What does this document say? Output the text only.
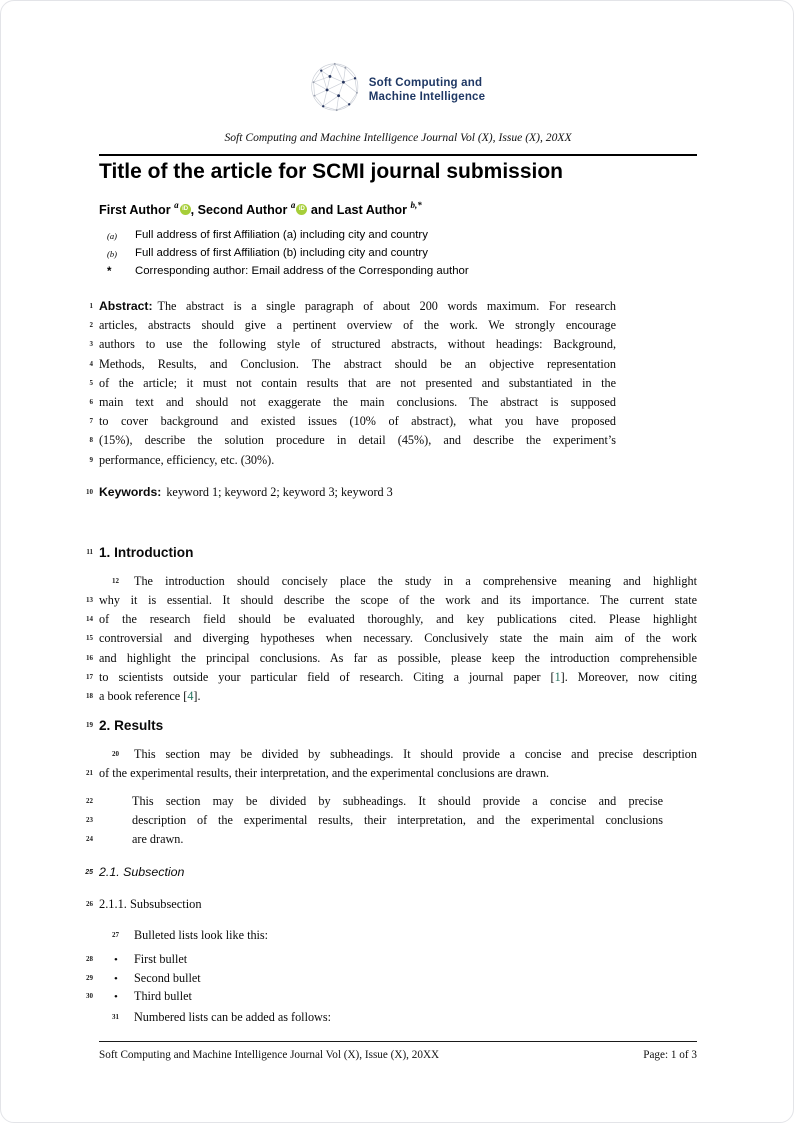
Soft Computing and
Machine Intelligence
Soft Computing and Machine Intelligence Journal Vol (X), Issue (X), 20XX
Title of the article for SCMI journal submission
First Author $^a$ iD , Second Author $^a$ iD and Last Author $^{b,*}$
(a)	Full address of first Affiliation (a) including city and country
(b)	Full address of first Affiliation (b) including city and country
*	Corresponding author: Email address of the Corresponding author
1 Abstract: The abstract is a single paragraph of about 200 words maximum. For research
2 articles, abstracts should give a pertinent overview of the work. We strongly encourage
3 authors to use the following style of structured abstracts, without headings: Background,
4 Methods, Results, and Conclusion. The abstract should be an objective representation
5 of the article; it must not contain results that are not presented and substantiated in the
6 main text and should not exaggerate the main conclusions. The abstract is supposed
7 to cover background and existed issues (10% of abstract), what you have proposed
8 (15%), describe the solution procedure in detail (45%), and describe the experiment’s
9 performance, efficiency, etc. (30%).
10 Keywords: keyword 1; keyword 2; keyword 3; keyword 3
11 1. Introduction
12 The introduction should concisely place the study in a comprehensive meaning and highlight
13 why it is essential. It should describe the scope of the work and its importance. The current state
14 of the research field should be evaluated thoroughly, and key publications cited. Please highlight
15 controversial and diverging hypotheses when necessary. Conclusively state the main aim of the work
16 and highlight the principal conclusions. As far as possible, please keep the introduction comprehensible
17 to scientists outside your particular field of research. Citing a journal paper [1]. Moreover, now citing
18 a book reference [4].
19 2. Results
20 This section may be divided by subheadings. It should provide a concise and precise description
21 of the experimental results, their interpretation, and the experimental conclusions are drawn.
22	This section may be divided by subheadings. It should provide a concise and precise
23	description of the experimental results, their interpretation, and the experimental conclusions
24	are drawn.
25 2.1. Subsection
26 2.1.1. Subsubsection
27 Bulleted lists look like this:
28 • First bullet
29 • Second bullet
30 • Third bullet
31 Numbered lists can be added as follows:
Soft Computing and Machine Intelligence Journal Vol (X), Issue (X), 20XX	Page: 1 of 3
